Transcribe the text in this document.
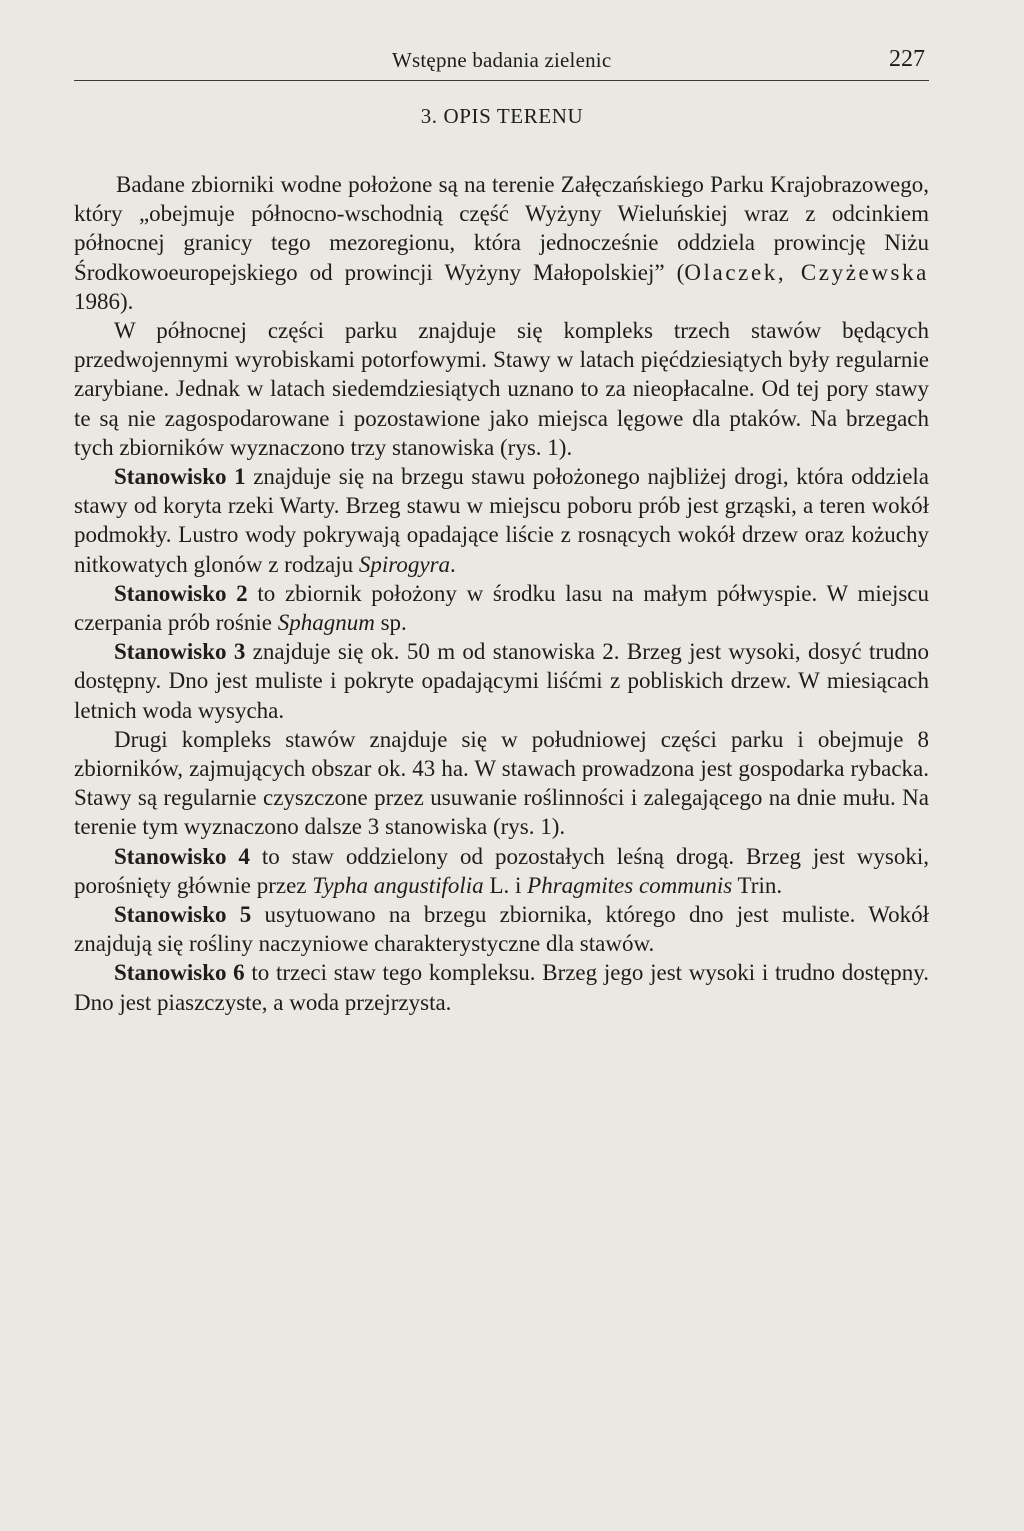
Wstępne badania zielenic	227
3. OPIS TERENU

Badane zbiorniki wodne położone są na terenie Załęczańskiego Parku Krajobrazowego, który „obejmuje północno-wschodnią część Wyżyny Wieluńskiej wraz z odcinkiem północnej granicy tego mezoregionu, która jednocześnie oddziela prowincję Niżu Środkowoeuropejskiego od prowincji Wyżyny Małopolskiej” (Olaczek, Czyżewska 1986).

W północnej części parku znajduje się kompleks trzech stawów będących przedwojennymi wyrobiskami potorfowymi. Stawy w latach pięćdziesiątych były regularnie zarybiane. Jednak w latach siedemdziesiątych uznano to za nieopłacalne. Od tej pory stawy te są nie zagospodarowane i pozostawione jako miejsca lęgowe dla ptaków. Na brzegach tych zbiorników wyznaczono trzy stanowiska (rys. 1).

Stanowisko 1 znajduje się na brzegu stawu położonego najbliżej drogi, która oddziela stawy od koryta rzeki Warty. Brzeg stawu w miejscu poboru prób jest grząski, a teren wokół podmokły. Lustro wody pokrywają opadające liście z rosnących wokół drzew oraz kożuchy nitkowatych glonów z rodzaju Spirogyra.

Stanowisko 2 to zbiornik położony w środku lasu na małym półwyspie. W miejscu czerpania prób rośnie Sphagnum sp.

Stanowisko 3 znajduje się ok. 50 m od stanowiska 2. Brzeg jest wysoki, dosyć trudno dostępny. Dno jest muliste i pokryte opadającymi liśćmi z pobliskich drzew. W miesiącach letnich woda wysycha.

Drugi kompleks stawów znajduje się w południowej części parku i obejmuje 8 zbiorników, zajmujących obszar ok. 43 ha. W stawach prowadzona jest gospodarka rybacka. Stawy są regularnie czyszczone przez usuwanie roślinności i zalegającego na dnie mułu. Na terenie tym wyznaczono dalsze 3 stanowiska (rys. 1).

Stanowisko 4 to staw oddzielony od pozostałych leśną drogą. Brzeg jest wysoki, porośnięty głównie przez Typha angustifolia L. i Phragmites communis Trin.

Stanowisko 5 usytuowano na brzegu zbiornika, którego dno jest muliste. Wokół znajdują się rośliny naczyniowe charakterystyczne dla stawów.

Stanowisko 6 to trzeci staw tego kompleksu. Brzeg jego jest wysoki i trudno dostępny. Dno jest piaszczyste, a woda przejrzysta.
